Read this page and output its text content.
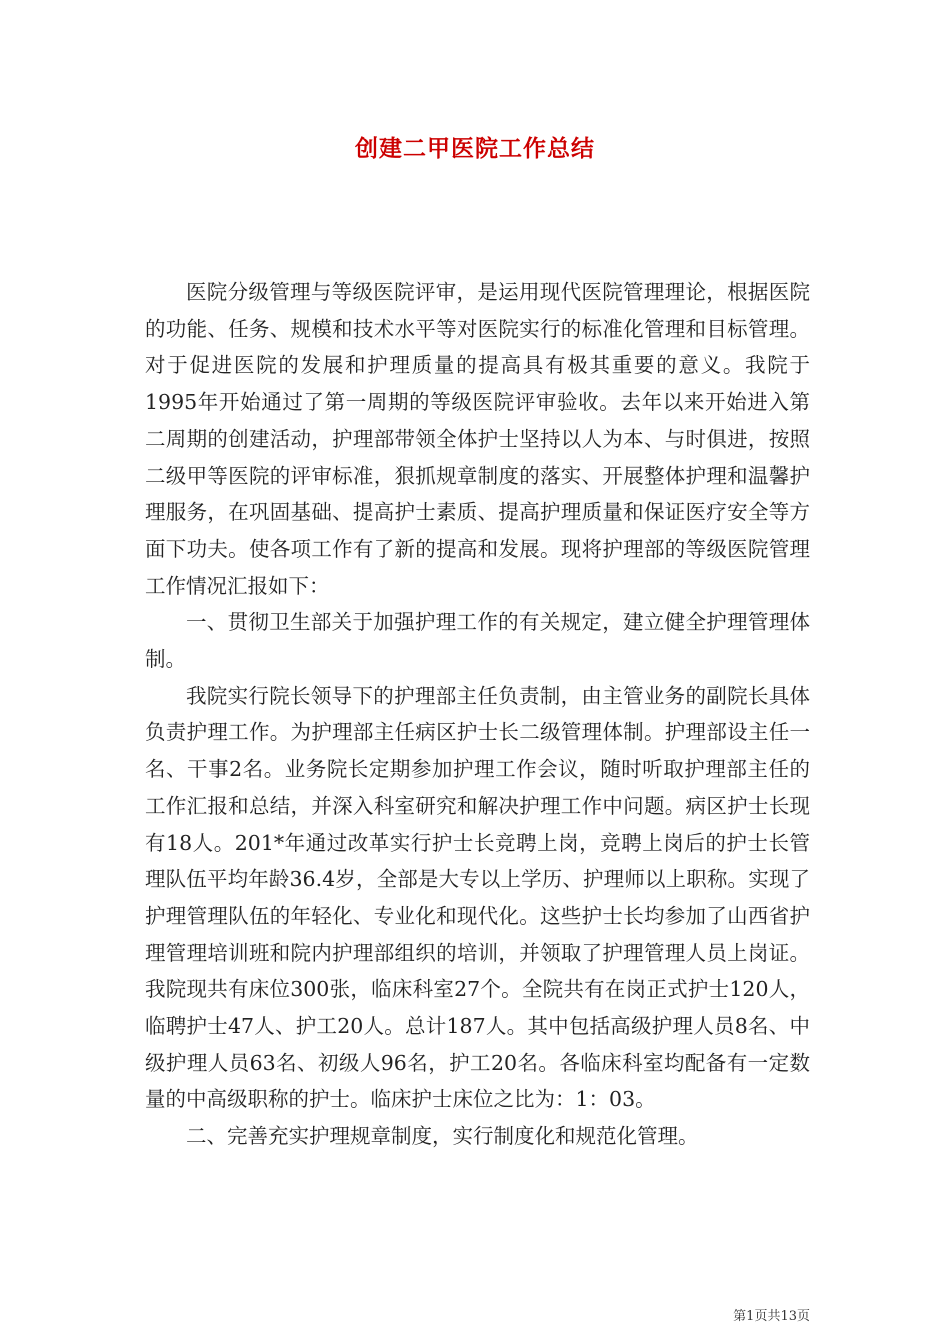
创建二甲医院工作总结

医院分级管理与等级医院评审，是运用现代医院管理理论，根据医院的功能、任务、规模和技术水平等对医院实行的标准化管理和目标管理。对于促进医院的发展和护理质量的提高具有极其重要的意义。我院于1995年开始通过了第一周期的等级医院评审验收。去年以来开始进入第二周期的创建活动，护理部带领全体护士坚持以人为本、与时俱进，按照二级甲等医院的评审标准，狠抓规章制度的落实、开展整体护理和温馨护理服务，在巩固基础、提高护士素质、提高护理质量和保证医疗安全等方面下功夫。使各项工作有了新的提高和发展。现将护理部的等级医院管理工作情况汇报如下：

一、贯彻卫生部关于加强护理工作的有关规定，建立健全护理管理体制。

我院实行院长领导下的护理部主任负责制，由主管业务的副院长具体负责护理工作。为护理部主任病区护士长二级管理体制。护理部设主任一名、干事2名。业务院长定期参加护理工作会议，随时听取护理部主任的工作汇报和总结，并深入科室研究和解决护理工作中问题。病区护士长现有18人。201*年通过改革实行护士长竞聘上岗，竞聘上岗后的护士长管理队伍平均年龄36.4岁，全部是大专以上学历、护理师以上职称。实现了护理管理队伍的年轻化、专业化和现代化。这些护士长均参加了山西省护理管理培训班和院内护理部组织的培训，并领取了护理管理人员上岗证。我院现共有床位300张，临床科室27个。全院共有在岗正式护士120人，临聘护士47人、护工20人。总计187人。其中包括高级护理人员8名、中级护理人员63名、初级人96名，护工20名。各临床科室均配备有一定数量的中高级职称的护士。临床护士床位之比为：1：03。

二、完善充实护理规章制度，实行制度化和规范化管理。

第1页共13页
